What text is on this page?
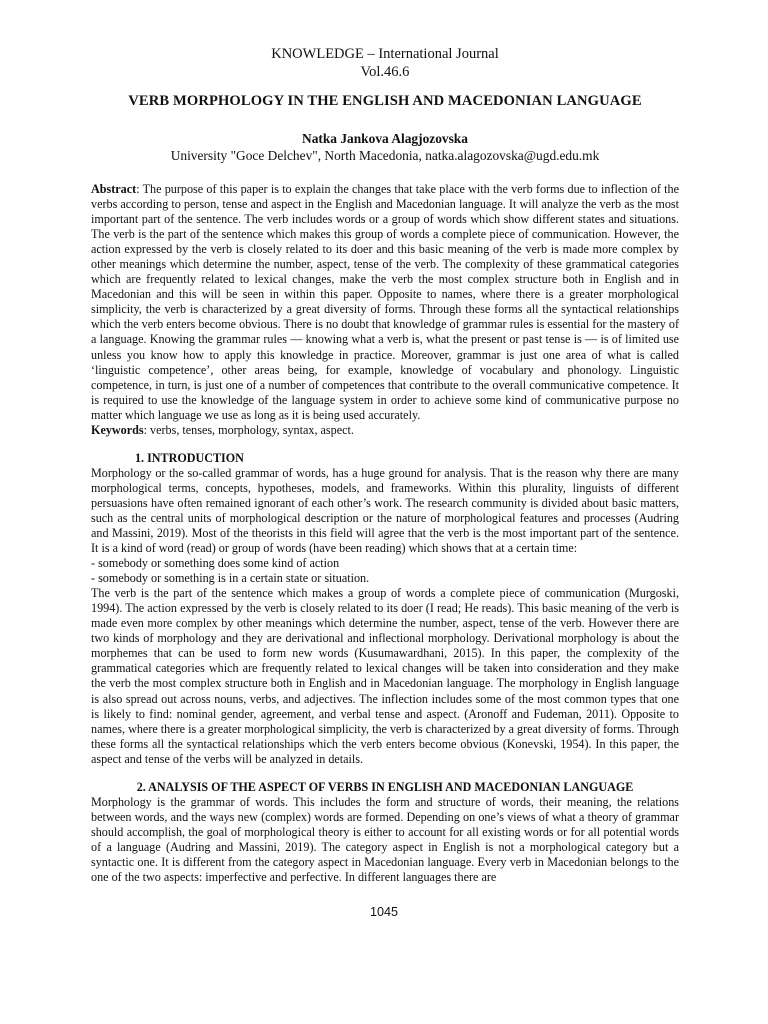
KNOWLEDGE – International Journal
Vol.46.6
VERB MORPHOLOGY IN THE ENGLISH AND MACEDONIAN LANGUAGE
Natka Jankova Alagjozovska
University "Goce Delchev", North Macedonia, natka.alagozovska@ugd.edu.mk
Abstract: The purpose of this paper is to explain the changes that take place with the verb forms due to inflection of the verbs according to person, tense and aspect in the English and Macedonian language. It will analyze the verb as the most important part of the sentence. The verb includes words or a group of words which show different states and situations. The verb is the part of the sentence which makes this group of words a complete piece of communication. However, the action expressed by the verb is closely related to its doer and this basic meaning of the verb is made more complex by other meanings which determine the number, aspect, tense of the verb. The complexity of these grammatical categories which are frequently related to lexical changes, make the verb the most complex structure both in English and in Macedonian and this will be seen in within this paper. Opposite to names, where there is a greater morphological simplicity, the verb is characterized by a great diversity of forms. Through these forms all the syntactical relationships which the verb enters become obvious. There is no doubt that knowledge of grammar rules is essential for the mastery of a language. Knowing the grammar rules — knowing what a verb is, what the present or past tense is — is of limited use unless you know how to apply this knowledge in practice. Moreover, grammar is just one area of what is called ‘linguistic competence’, other areas being, for example, knowledge of vocabulary and phonology. Linguistic competence, in turn, is just one of a number of competences that contribute to the overall communicative competence. It is required to use the knowledge of the language system in order to achieve some kind of communicative purpose no matter which language we use as long as it is being used accurately.
Keywords: verbs, tenses, morphology, syntax, aspect.
1. INTRODUCTION

Morphology or the so-called grammar of words, has a huge ground for analysis. That is the reason why there are many morphological terms, concepts, hypotheses, models, and frameworks. Within this plurality, linguists of different persuasions have often remained ignorant of each other’s work. The research community is divided about basic matters, such as the central units of morphological description or the nature of morphological features and processes (Audring and Massini, 2019). Most of the theorists in this field will agree that the verb is the most important part of the sentence. It is a kind of word (read) or group of words (have been reading) which shows that at a certain time:

- somebody or something does some kind of action

- somebody or something is in a certain state or situation.

The verb is the part of the sentence which makes a group of words a complete piece of communication (Murgoski, 1994). The action expressed by the verb is closely related to its doer (I read; He reads). This basic meaning of the verb is made even more complex by other meanings which determine the number, aspect, tense of the verb. However there are two kinds of morphology and they are derivational and inflectional morphology. Derivational morphology is about the morphemes that can be used to form new words (Kusumawardhani, 2015). In this paper, the complexity of the grammatical categories which are frequently related to lexical changes will be taken into consideration and they make the verb the most complex structure both in English and in Macedonian language. The morphology in English language is also spread out across nouns, verbs, and adjectives. The inflection includes some of the most common types that one is likely to find: nominal gender, agreement, and verbal tense and aspect. (Aronoff and Fudeman, 2011). Opposite to names, where there is a greater morphological simplicity, the verb is characterized by a great diversity of forms. Through these forms all the syntactical relationships which the verb enters become obvious (Konevski, 1954). In this paper, the aspect and tense of the verbs will be analyzed in details.

2. ANALYSIS OF THE ASPECT OF VERBS IN ENGLISH AND MACEDONIAN LANGUAGE

Morphology is the grammar of words. This includes the form and structure of words, their meaning, the relations between words, and the ways new (complex) words are formed. Depending on one’s views of what a theory of grammar should accomplish, the goal of morphological theory is either to account for all existing words or for all potential words of a language (Audring and Massini, 2019). The category aspect in English is not a morphological category but a syntactic one. It is different from the category aspect in Macedonian language. Every verb in Macedonian belongs to the one of the two aspects: imperfective and perfective. In different languages there are

1045
